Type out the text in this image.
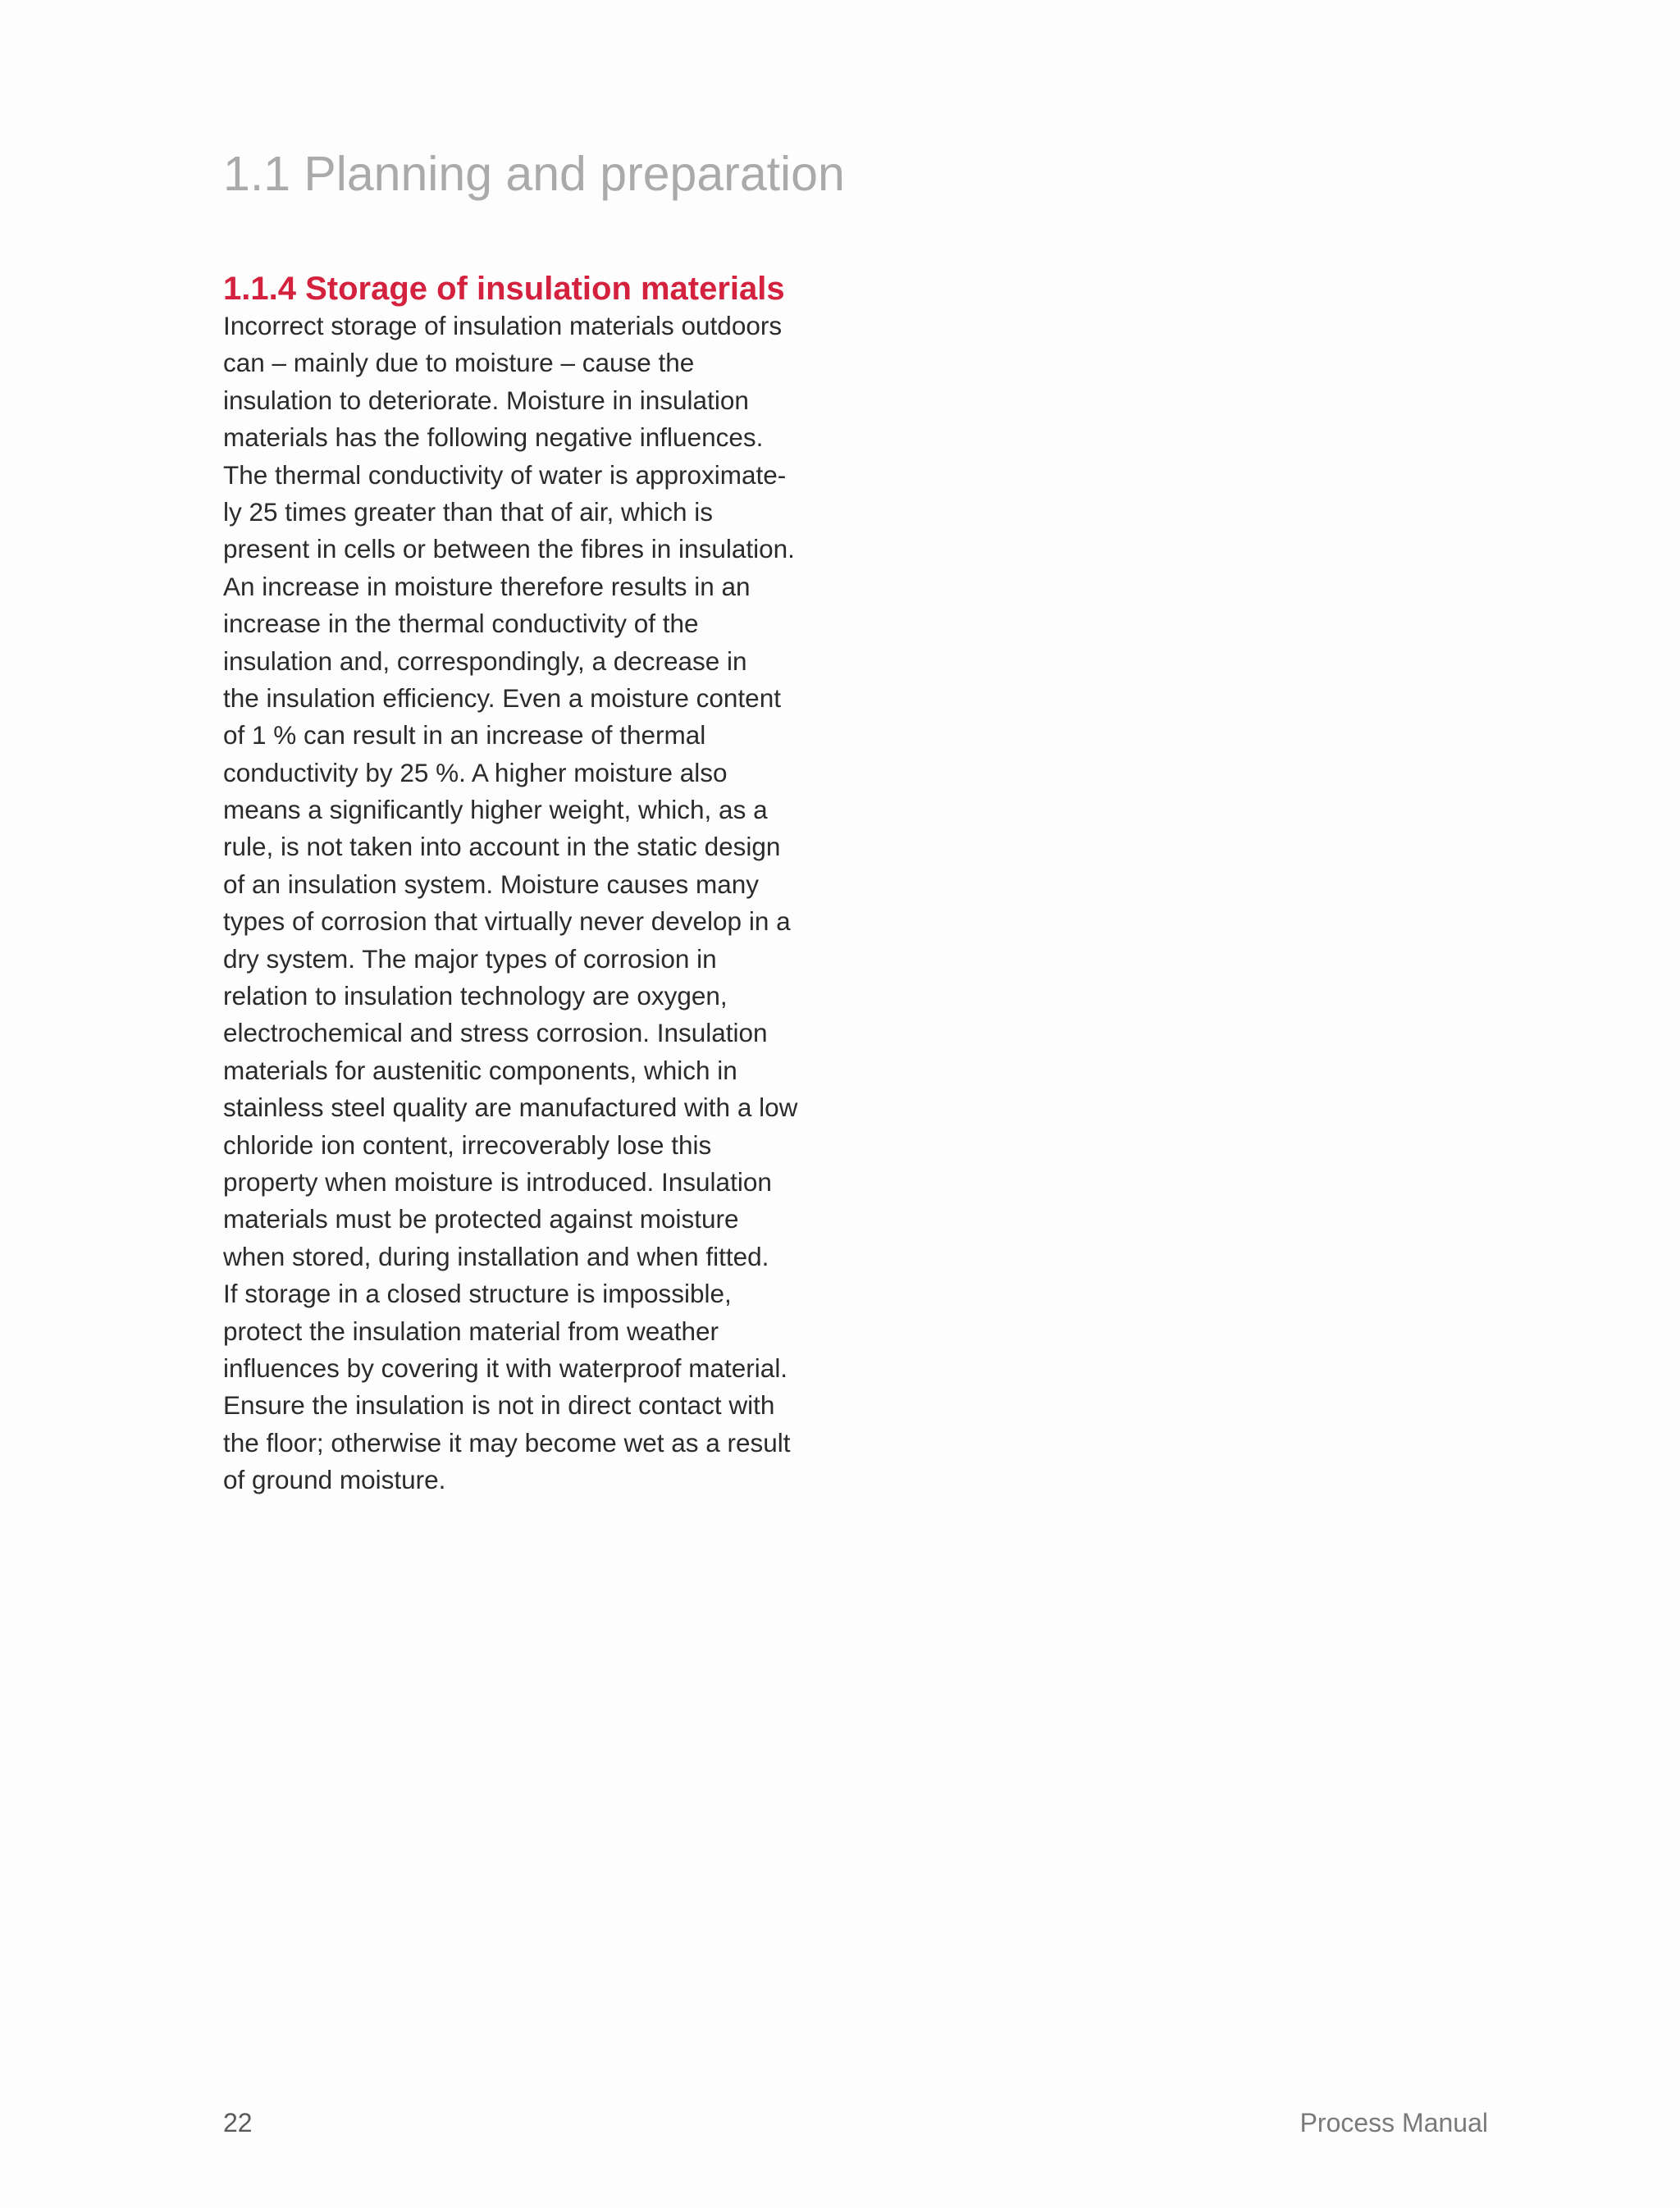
1.1 Planning and preparation
1.1.4 Storage of insulation materials
Incorrect storage of insulation materials outdoors
can – mainly due to moisture – cause the
insulation to deteriorate. Moisture in insulation
materials has the following negative influences.
The thermal conductivity of water is approximate-
ly 25 times greater than that of air, which is
present in cells or between the fibres in insulation.
An increase in moisture therefore results in an
increase in the thermal conductivity of the
insulation and, correspondingly, a decrease in
the insulation efficiency. Even a moisture content
of 1 % can result in an increase of thermal
conductivity by 25 %. A higher moisture also
means a significantly higher weight, which, as a
rule, is not taken into account in the static design
of an insulation system. Moisture causes many
types of corrosion that virtually never develop in a
dry system. The major types of corrosion in
relation to insulation technology are oxygen,
electrochemical and stress corrosion. Insulation
materials for austenitic components, which in
stainless steel quality are manufactured with a low
chloride ion content, irrecoverably lose this
property when moisture is introduced. Insulation
materials must be protected against moisture
when stored, during installation and when fitted.
If storage in a closed structure is impossible,
protect the insulation material from weather
influences by covering it with waterproof material.
Ensure the insulation is not in direct contact with
the floor; otherwise it may become wet as a result
of ground moisture.
22	Process Manual
